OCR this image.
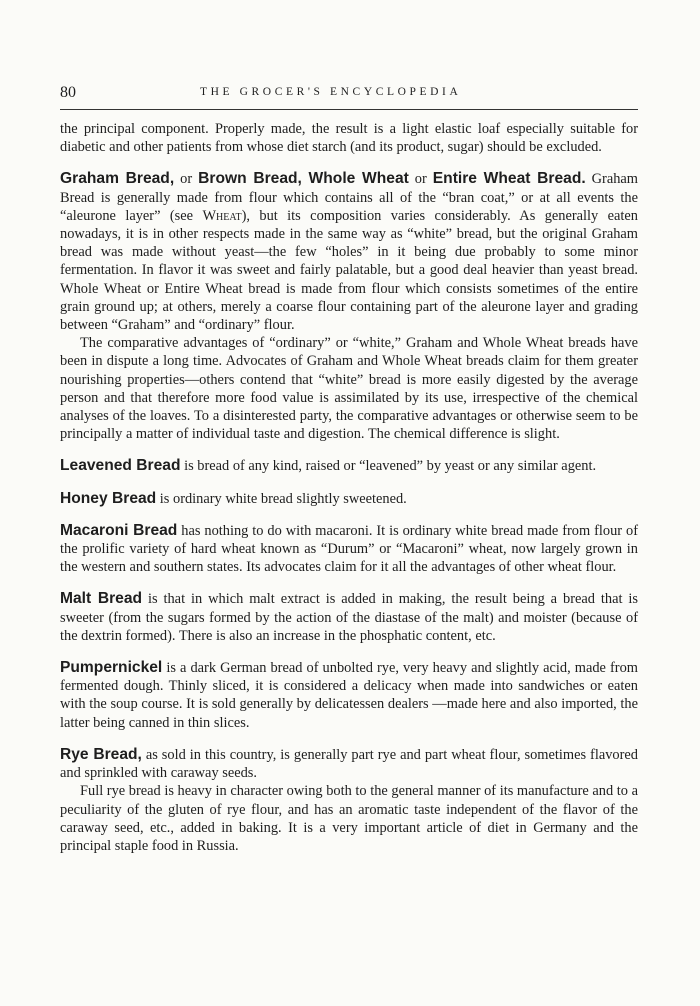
80	THE GROCER'S ENCYCLOPEDIA

the principal component. Properly made, the result is a light elastic loaf especially suitable for diabetic and other patients from whose diet starch (and its product, sugar) should be excluded.

Graham Bread, or Brown Bread, Whole Wheat or Entire Wheat Bread. Graham Bread is generally made from flour which contains all of the “bran coat,” or at all events the “aleurone layer” (see Wheat), but its composition varies considerably. As generally eaten nowadays, it is in other respects made in the same way as “white” bread, but the original Graham bread was made without yeast—the few “holes” in it being due probably to some minor fermentation. In flavor it was sweet and fairly palatable, but a good deal heavier than yeast bread. Whole Wheat or Entire Wheat bread is made from flour which consists sometimes of the entire grain ground up; at others, merely a coarse flour containing part of the aleurone layer and grading between “Graham” and “ordinary” flour.

The comparative advantages of “ordinary” or “white,” Graham and Whole Wheat breads have been in dispute a long time. Advocates of Graham and Whole Wheat breads claim for them greater nourishing properties—others contend that “white” bread is more easily digested by the average person and that therefore more food value is assimilated by its use, irrespective of the chemical analyses of the loaves. To a disinterested party, the comparative advantages or otherwise seem to be principally a matter of individual taste and digestion. The chemical difference is slight.

Leavened Bread is bread of any kind, raised or “leavened” by yeast or any similar agent.

Honey Bread is ordinary white bread slightly sweetened.

Macaroni Bread has nothing to do with macaroni. It is ordinary white bread made from flour of the prolific variety of hard wheat known as “Durum” or “Macaroni” wheat, now largely grown in the western and southern states. Its advocates claim for it all the advantages of other wheat flour.

Malt Bread is that in which malt extract is added in making, the result being a bread that is sweeter (from the sugars formed by the action of the diastase of the malt) and moister (because of the dextrin formed). There is also an increase in the phosphatic content, etc.

Pumpernickel is a dark German bread of unbolted rye, very heavy and slightly acid, made from fermented dough. Thinly sliced, it is considered a delicacy when made into sandwiches or eaten with the soup course. It is sold generally by delicatessen dealers —made here and also imported, the latter being canned in thin slices.

Rye Bread, as sold in this country, is generally part rye and part wheat flour, sometimes flavored and sprinkled with caraway seeds.

Full rye bread is heavy in character owing both to the general manner of its manufacture and to a peculiarity of the gluten of rye flour, and has an aromatic taste independent of the flavor of the caraway seed, etc., added in baking. It is a very important article of diet in Germany and the principal staple food in Russia.
